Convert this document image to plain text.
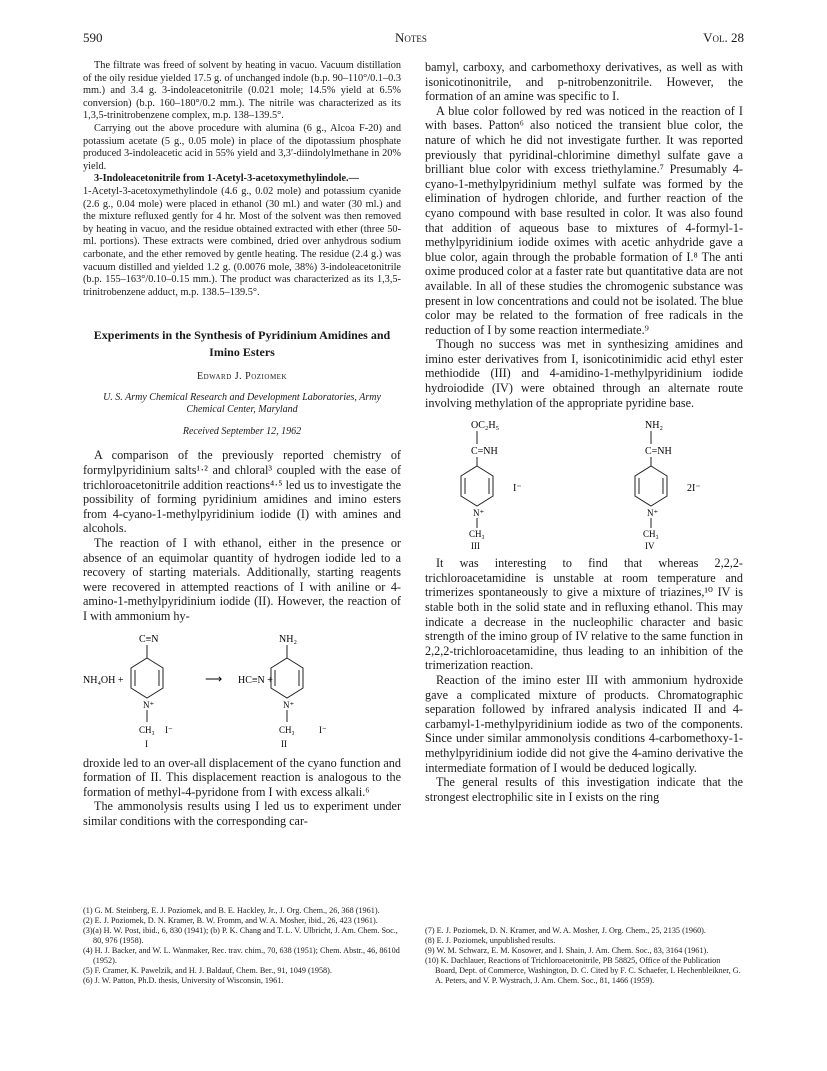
590	Notes	Vol. 28

The filtrate was freed of solvent by heating in vacuo. Vacuum distillation of the oily residue yielded 17.5 g. of unchanged indole (b.p. 90–110°/0.1–0.3 mm.) and 3.4 g. 3-indoleacetonitrile (0.021 mole; 14.5% yield at 6.5% conversion) (b.p. 160–180°/0.2 mm.). The nitrile was characterized as its 1,3,5-trinitrobenzene complex, m.p. 138–139.5°.

Carrying out the above procedure with alumina (6 g., Alcoa F-20) and potassium acetate (5 g., 0.05 mole) in place of the dipotassium phosphate produced 3-indoleacetic acid in 55% yield and 3,3′-diindolylmethane in 20% yield.

3-Indoleacetonitrile from 1-Acetyl-3-acetoxymethylindole.—

1-Acetyl-3-acetoxymethylindole (4.6 g., 0.02 mole) and potassium cyanide (2.6 g., 0.04 mole) were placed in ethanol (30 ml.) and water (30 ml.) and the mixture refluxed gently for 4 hr. Most of the solvent was then removed by heating in vacuo, and the residue obtained extracted with ether (three 50-ml. portions). These extracts were combined, dried over anhydrous sodium carbonate, and the ether removed by gentle heating. The residue (2.4 g.) was vacuum distilled and yielded 1.2 g. (0.0076 mole, 38%) 3-indoleacetonitrile (b.p. 155–163°/0.10–0.15 mm.). The product was characterized as its 1,3,5-trinitrobenzene adduct, m.p. 138.5–139.5°.

Experiments in the Synthesis of Pyridinium Amidines and Imino Esters
Edward J. Poziomek
U. S. Army Chemical Research and Development Laboratories, Army Chemical Center, Maryland
Received September 12, 1962

A comparison of the previously reported chemistry of formylpyridinium salts¹·² and chloral³ coupled with the ease of trichloroacetonitrile addition reactions⁴·⁵ led us to investigate the possibility of forming pyridinium amidines and imino esters from 4-cyano-1-methylpyridinium iodide (I) with amines and alcohols.

The reaction of I with ethanol, either in the presence or absence of an equimolar quantity of hydrogen iodide led to a recovery of starting materials. Additionally, starting reagents were recovered in attempted reactions of I with aniline or 4-amino-1-methylpyridinium iodide (II). However, the reaction of I with ammonium hy-

C≡N
NH₄OH +
N⁺
CH₃ I⁻
I
⟶ HC≡N +
NH₂
N⁺
CH₃	I⁻
II

droxide led to an over-all displacement of the cyano function and formation of II. This displacement reaction is analogous to the formation of methyl-4-pyridone from I with excess alkali.⁶

The ammonolysis results using I led us to experiment under similar conditions with the corresponding car-

(1) G. M. Steinberg, E. J. Poziomek, and B. E. Hackley, Jr., J. Org. Chem., 26, 368 (1961).

(2) E. J. Poziomek, D. N. Kramer, B. W. Fromm, and W. A. Mosher, ibid., 26, 423 (1961).

(3)(a) H. W. Post, ibid., 6, 830 (1941); (b) P. K. Chang and T. L. V. Ulbricht, J. Am. Chem. Soc., 80, 976 (1958).

(4) H. J. Backer, and W. L. Wanmaker, Rec. trav. chim., 70, 638 (1951); Chem. Abstr., 46, 8610d (1952).

(5) F. Cramer, K. Pawelzik, and H. J. Baldauf, Chem. Ber., 91, 1049 (1958).

(6) J. W. Patton, Ph.D. thesis, University of Wisconsin, 1961.

bamyl, carboxy, and carbomethoxy derivatives, as well as with isonicotinonitrile, and p-nitrobenzonitrile. However, the formation of an amine was specific to I.

A blue color followed by red was noticed in the reaction of I with bases. Patton⁶ also noticed the transient blue color, the nature of which he did not investigate further. It was reported previously that pyridinal-chlorimine dimethyl sulfate gave a brilliant blue color with excess triethylamine.⁷ Presumably 4-cyano-1-methylpyridinium methyl sulfate was formed by the elimination of hydrogen chloride, and further reaction of the cyano compound with base resulted in color. It was also found that addition of aqueous base to mixtures of 4-formyl-1-methylpyridinium iodide oximes with acetic anhydride gave a blue color, again through the probable formation of I.⁸ The anti oxime produced color at a faster rate but quantitative data are not available. In all of these studies the chromogenic substance was present in low concentrations and could not be isolated. The blue color may be related to the formation of free radicals in the reduction of I by some reaction intermediate.⁹

Though no success was met in synthesizing amidines and imino ester derivatives from I, isonicotinimidic acid ethyl ester methiodide (III) and 4-amidino-1-methylpyridinium iodide hydroiodide (IV) were obtained through an alternate route involving methylation of the appropriate pyridine base.

OC₂H₅
C=NH
I⁻
N⁺
CH₃
III
NH₂
C=NH
2I⁻
N⁺
CH₃
IV

It was interesting to find that whereas 2,2,2-trichloroacetamidine is unstable at room temperature and trimerizes spontaneously to give a mixture of triazines,¹⁰ IV is stable both in the solid state and in refluxing ethanol. This may indicate a decrease in the nucleophilic character and basic strength of the imino group of IV relative to the same function in 2,2,2-trichloroacetamidine, thus leading to an inhibition of the trimerization reaction.

Reaction of the imino ester III with ammonium hydroxide gave a complicated mixture of products. Chromatographic separation followed by infrared analysis indicated II and 4-carbamyl-1-methylpyridinium iodide as two of the components. Since under similar ammonolysis conditions 4-carbomethoxy-1-methylpyridinium iodide did not give the 4-amino derivative the intermediate formation of I would be deduced logically.

The general results of this investigation indicate that the strongest electrophilic site in I exists on the ring

(7) E. J. Poziomek, D. N. Kramer, and W. A. Mosher, J. Org. Chem., 25, 2135 (1960).

(8) E. J. Poziomek, unpublished results.

(9) W. M. Schwarz, E. M. Kosower, and I. Shain, J. Am. Chem. Soc., 83, 3164 (1961).

(10) K. Dachlauer, Reactions of Trichloroacetonitrile, PB 58825, Office of the Publication Board, Dept. of Commerce, Washington, D. C. Cited by F. C. Schaefer, I. Hechenbleikner, G. A. Peters, and V. P. Wystrach, J. Am. Chem. Soc., 81, 1466 (1959).
